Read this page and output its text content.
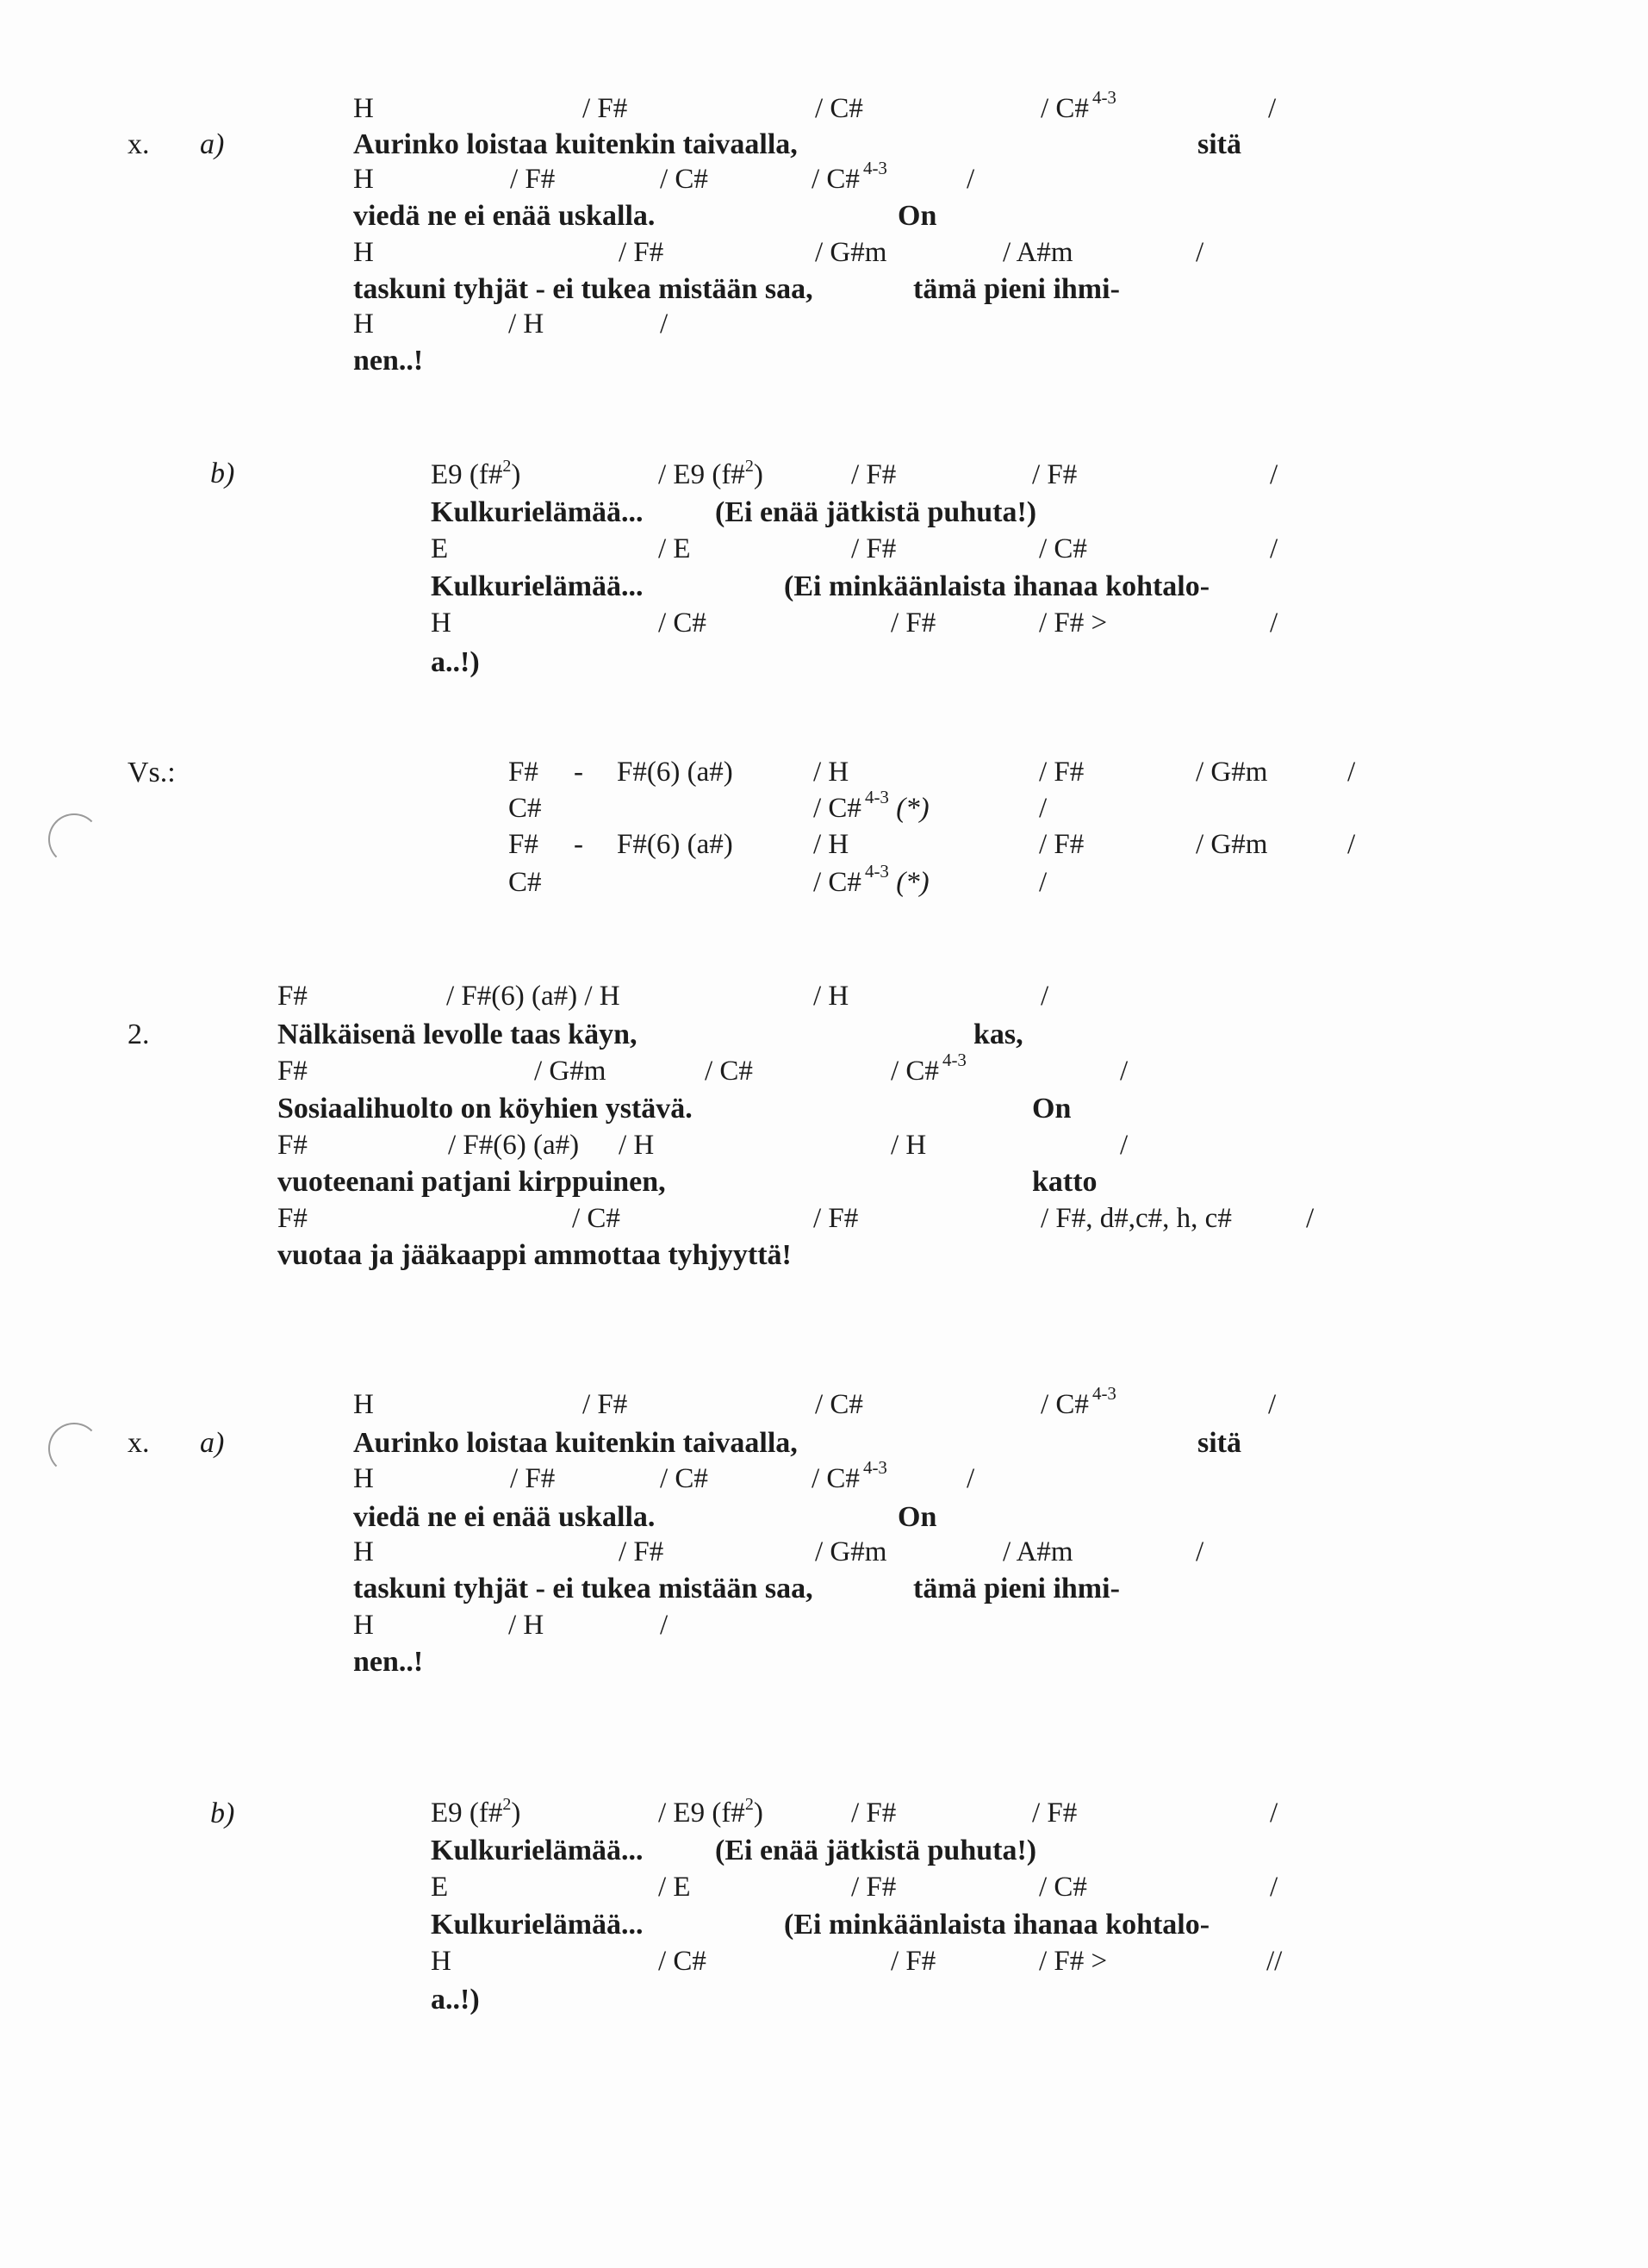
x. a)
H	/ F#	/ C#	/ C# $^{4-3}$	/
Aurinko loistaa kuitenkin taivaalla,	sitä
H	/ F#	/ C#	/ C# $^{4-3}$	/
viedä ne ei enää uskalla.	On
H	/ F#	/ G#m	/ A#m	/
taskuni tyhjät - ei tukea mistään saa,	tämä pieni ihmi-
H	/ H	/
nen..!
b)	E9 (f#$^2$)	/ E9 (f#$^2$)	/ F#	/ F#	/
Kulkurielämää... (Ei enää jätkistä puhuta!)
E	/ E	/ F#	/ C#	/
Kulkurielämää...	(Ei minkäänlaista ihanaa kohtalo-
H	/ C#	/ F#	/ F# >	/
a..!)
Vs.:	F# - F#(6) (a#)	/ H	/ F#	/ G#m	/
C#	/ C# $^{4-3}$ (*)	/
F# - F#(6) (a#)	/ H	/ F#	/ G#m	/
C#	/ C# $^{4-3}$ (*)	/
2.
F#	/ F#(6) (a#) / H	/ H	/
Nälkäisenä levolle taas käyn,	kas,
F#	/ G#m	/ C#	/ C# $^{4-3}$	/
Sosiaalihuolto on köyhien ystävä.	On
F#	/ F#(6) (a#) / H	/ H	/
vuoteenani patjani kirppuinen,	katto
F#	/ C#	/ F#	/ F#, d#,c#, h, c#	/
vuotaa ja jääkaappi ammottaa tyhjyyttä!
x. a)
H	/ F#	/ C#	/ C# $^{4-3}$	/
Aurinko loistaa kuitenkin taivaalla,	sitä
H	/ F#	/ C#	/ C# $^{4-3}$	/
viedä ne ei enää uskalla.	On
H	/ F#	/ G#m	/ A#m	/
taskuni tyhjät - ei tukea mistään saa,	tämä pieni ihmi-
H	/ H	/
nen..!
b)	E9 (f#$^2$)	/ E9 (f#$^2$)	/ F#	/ F#	/
Kulkurielämää... (Ei enää jätkistä puhuta!)
E	/ E	/ F#	/ C#	/
Kulkurielämää...	(Ei minkäänlaista ihanaa kohtalo-
H	/ C#	/ F#	/ F# >	//
a..!)
